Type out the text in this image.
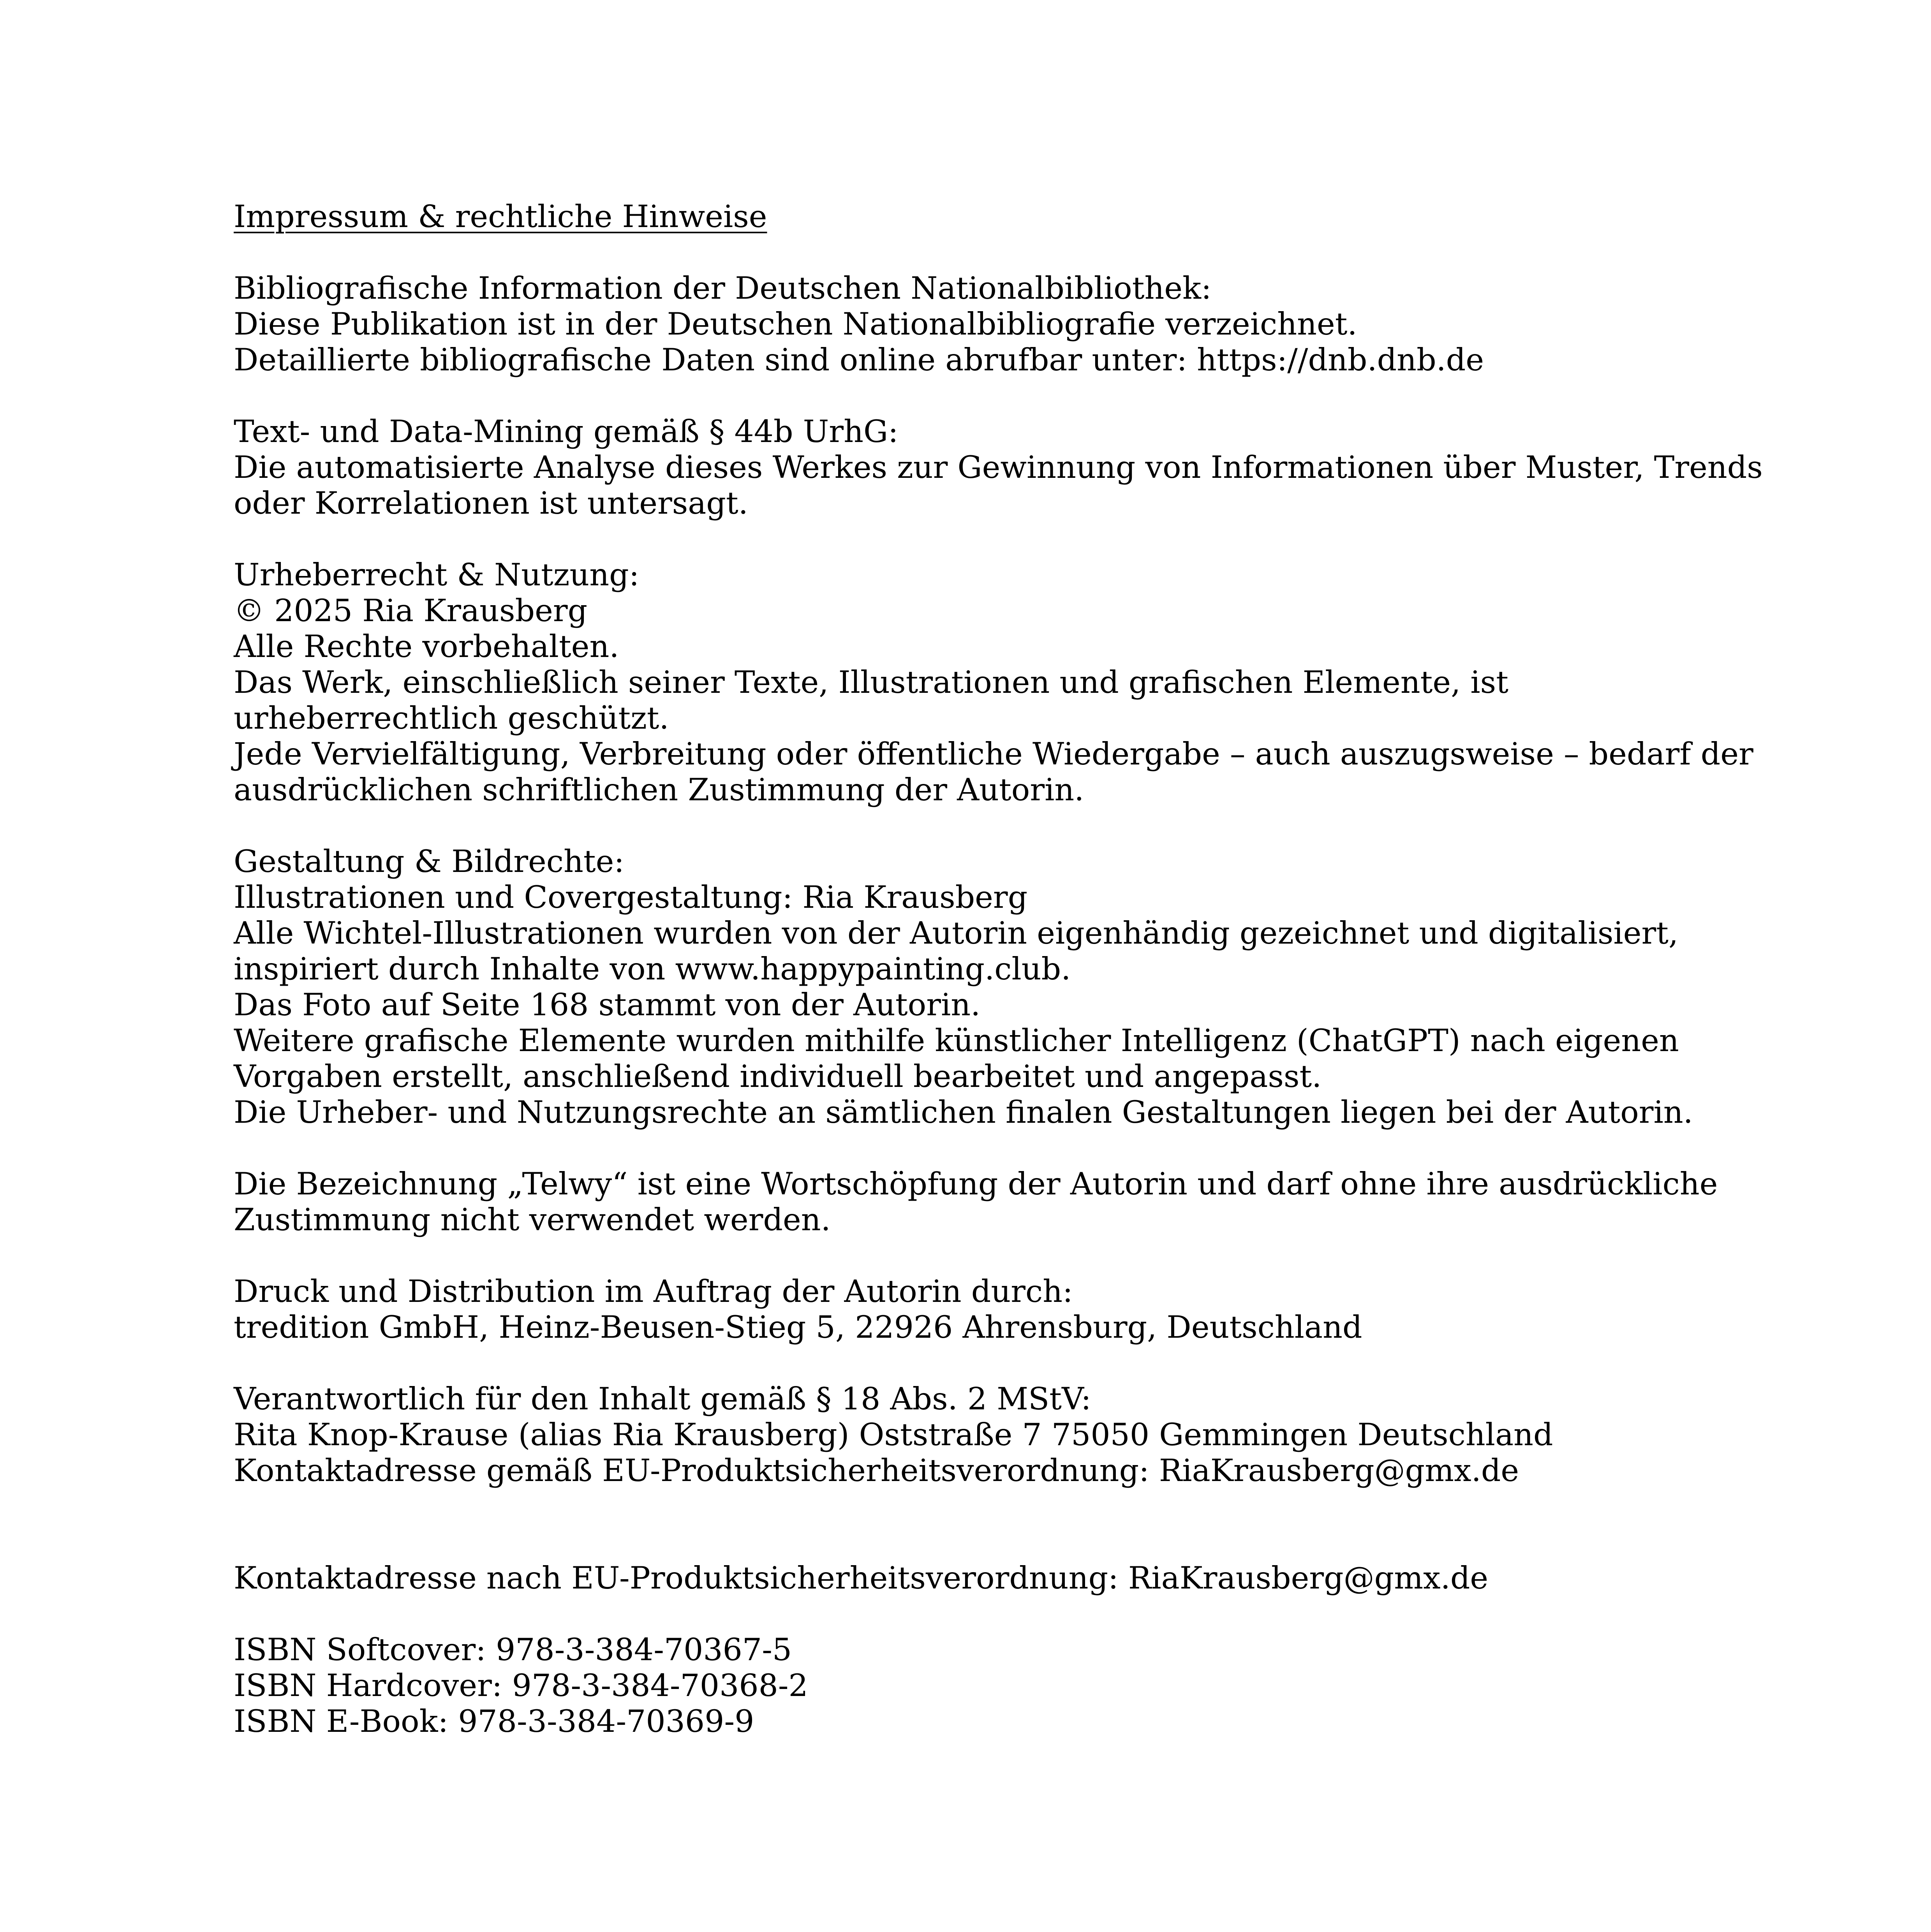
Impressum & rechtliche Hinweise
Bibliografische Information der Deutschen Nationalbibliothek:
Diese Publikation ist in der Deutschen Nationalbibliografie verzeichnet.
Detaillierte bibliografische Daten sind online abrufbar unter: https://dnb.dnb.de
Text- und Data-Mining gemäß § 44b UrhG:
Die automatisierte Analyse dieses Werkes zur Gewinnung von Informationen über Muster, Trends
oder Korrelationen ist untersagt.
Urheberrecht & Nutzung:
© 2025 Ria Krausberg
Alle Rechte vorbehalten.
Das Werk, einschließlich seiner Texte, Illustrationen und grafischen Elemente, ist
urheberrechtlich geschützt.
Jede Vervielfältigung, Verbreitung oder öffentliche Wiedergabe – auch auszugsweise – bedarf der
ausdrücklichen schriftlichen Zustimmung der Autorin.
Gestaltung & Bildrechte:
Illustrationen und Covergestaltung: Ria Krausberg
Alle Wichtel-Illustrationen wurden von der Autorin eigenhändig gezeichnet und digitalisiert,
inspiriert durch Inhalte von www.happypainting.club.
Das Foto auf Seite 168 stammt von der Autorin.
Weitere grafische Elemente wurden mithilfe künstlicher Intelligenz (ChatGPT) nach eigenen
Vorgaben erstellt, anschließend individuell bearbeitet und angepasst.
Die Urheber- und Nutzungsrechte an sämtlichen finalen Gestaltungen liegen bei der Autorin.
Die Bezeichnung „Telwy“ ist eine Wortschöpfung der Autorin und darf ohne ihre ausdrückliche
Zustimmung nicht verwendet werden.
Druck und Distribution im Auftrag der Autorin durch:
tredition GmbH, Heinz-Beusen-Stieg 5, 22926 Ahrensburg, Deutschland
Verantwortlich für den Inhalt gemäß § 18 Abs. 2 MStV:
Rita Knop-Krause (alias Ria Krausberg) Oststraße 7 75050 Gemmingen Deutschland
Kontaktadresse gemäß EU-Produktsicherheitsverordnung: RiaKrausberg@gmx.de
Kontaktadresse nach EU-Produktsicherheitsverordnung: RiaKrausberg@gmx.de
ISBN Softcover: 978-3-384-70367-5
ISBN Hardcover: 978-3-384-70368-2
ISBN E-Book: 978-3-384-70369-9
